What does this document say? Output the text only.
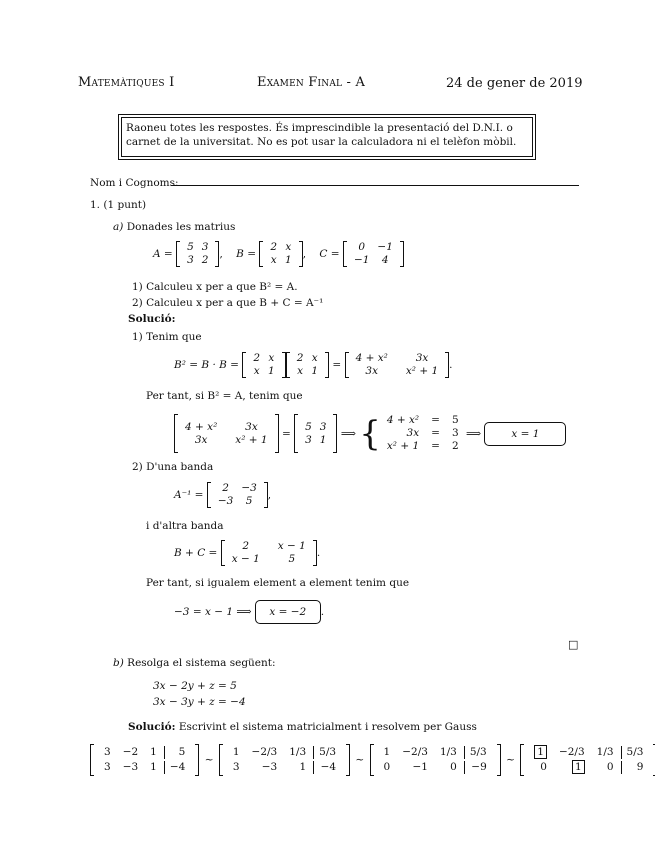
Matemàtiques I	Examen Final - A	24 de gener de 2019
Raoneu totes les respostes. És imprescindible la presentació del D.N.I. o carnet de la universitat. No es pot usar la calculadora ni el telèfon mòbil.
Nom i Cognoms:
1. (1 punt)
a) Donades les matrius
A =

5	3
3	2 ,
B =

2	x
x	1 ,
C =

0	−1
−1	4
1) Calculeu x per a que B² = A.
2) Calculeu x per a que B + C = A⁻¹
Solució:
1) Tenim que
B² = B · B =

2	x
x	1
2	x
x	1
=

4 + x²	3x
3x	x² + 1 .
Per tant, si B² = A, tenim que
4 + x²	3x
3x	x² + 1
=

5	3
3	1
⟹
{ 4 + x²	=	5
3x	=	3
x² + 1	=	2

⟹
	x = 1
2) D'una banda
A⁻¹ =

2	−3
−3	5 ,
i d'altra banda
B + C =

2	x − 1
x − 1	5 .
Per tant, si igualem element a element tenim que
−3 = x − 1 ⟹
	x = −2	.
□
b) Resolga el sistema següent:
3x − 2y + z = 5
3x − 3y + z = −4
Solució: Escrivint el sistema matricialment i resolvem per Gauss
3	−2	1	5
3	−3	1	−4
∼
1	−2/3	1/3	5/3
3	−3	1	−4
∼
1	−2/3	1/3	5/3
0	−1	0	−9
∼
1	−2/3	1/3	5/3
0	1	0	9
